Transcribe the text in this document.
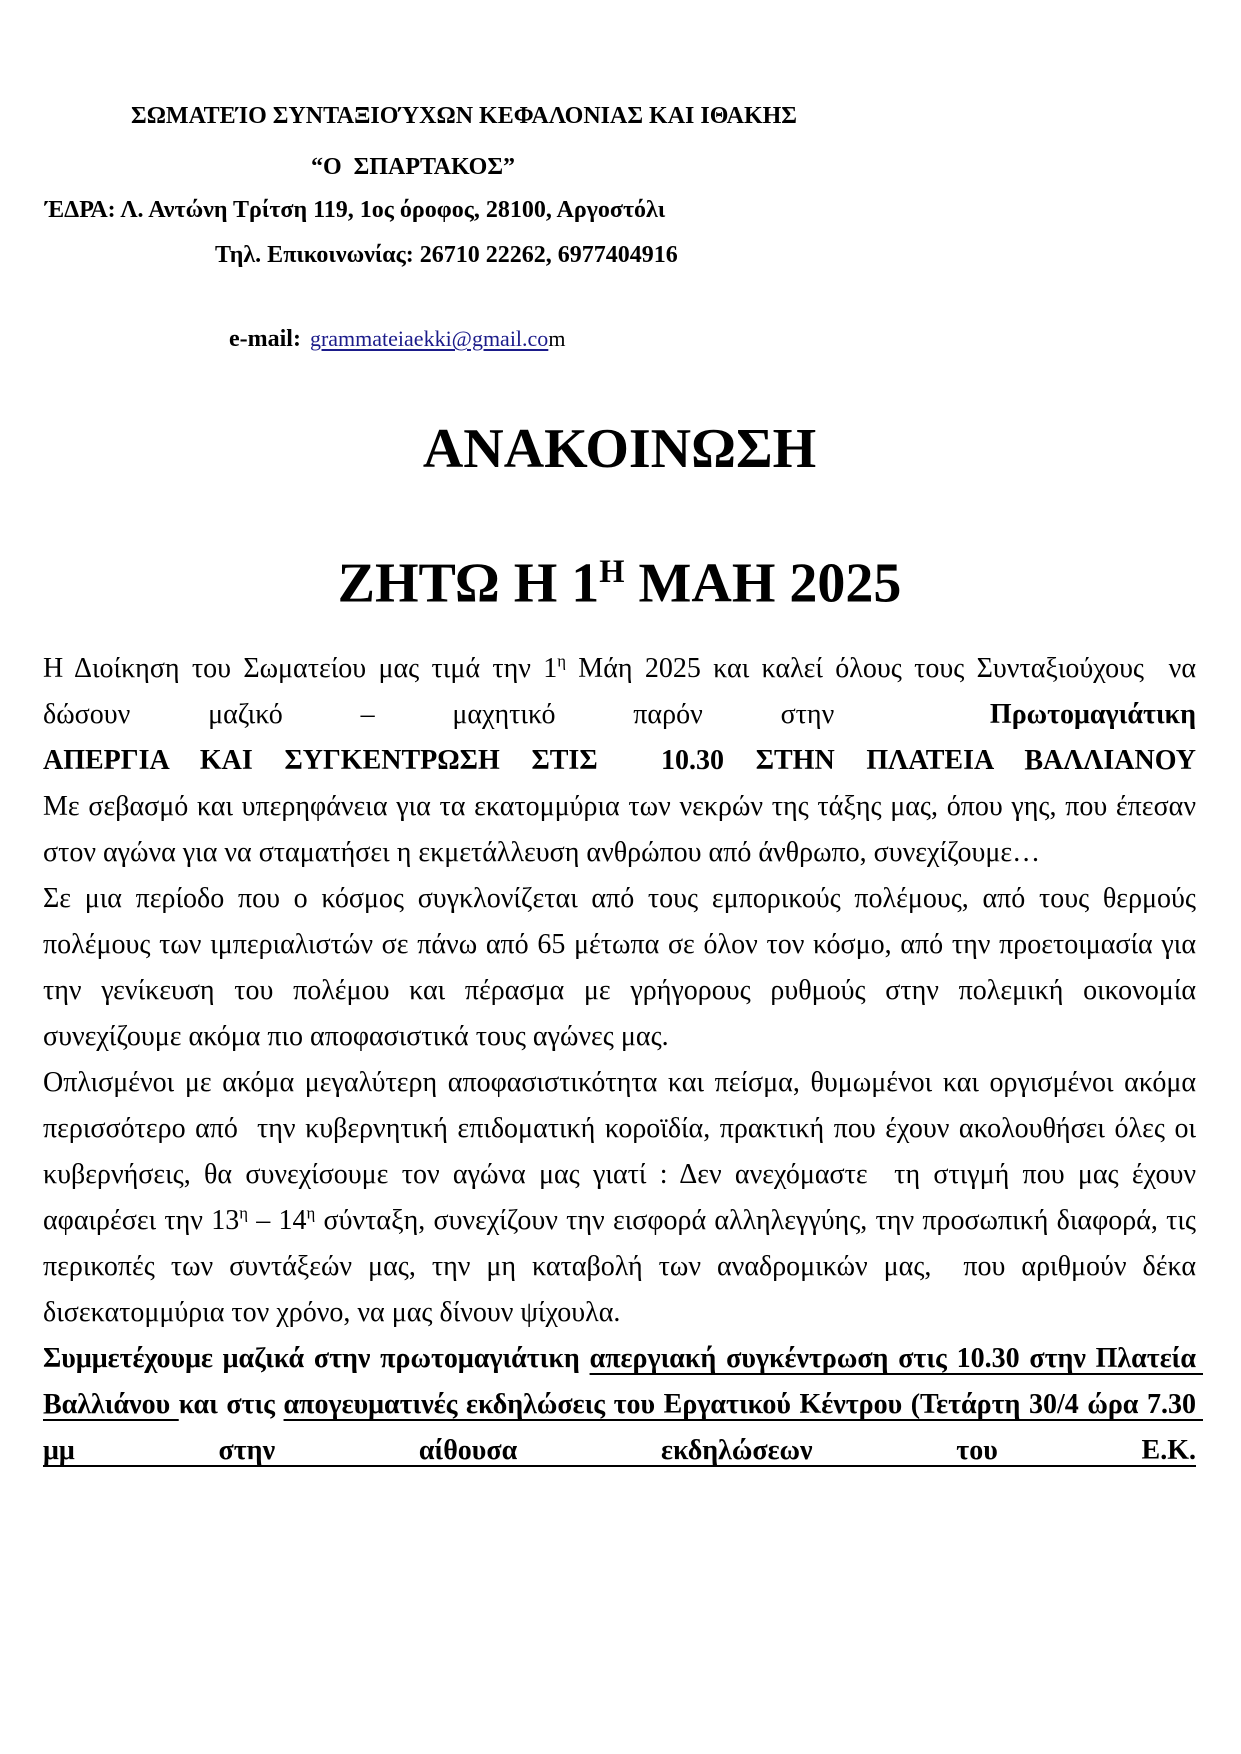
ΣΩΜΑΤΕΊΟ ΣΥΝΤΑΞΙΟΎΧΩΝ ΚΕΦΑΛΟΝΙΑΣ ΚΑΙ ΙΘΑΚΗΣ
“Ο  ΣΠΑΡΤΑΚΟΣ”
ΈΔΡΑ: Λ. Αντώνη Τρίτση 119, 1ος όροφος, 28100, Αργοστόλι
Τηλ. Επικοινωνίας: 26710 22262, 6977404916

e-mail: grammateiaekki@gmail.com

ΑΝΑΚΟΙΝΩΣΗ
ΖΗΤΩ Η $1^H$ ΜΑΗ 2025

Η Διοίκηση του Σωματείου μας τιμά την $1^\eta$ Μάη 2025 και καλεί όλους τους Συνταξιούχους  να δώσουν μαζικό – μαχητικό παρόν στην  Πρωτομαγιάτικη

ΑΠΕΡΓΙΑ ΚΑΙ ΣΥΓΚΕΝΤΡΩΣΗ ΣΤΙΣ  10.30 ΣΤΗΝ ΠΛΑΤΕΙΑ ΒΑΛΛΙΑΝΟΥ

Με σεβασμό και υπερηφάνεια για τα εκατομμύρια των νεκρών της τάξης μας, όπου γης, που έπεσαν στον αγώνα για να σταματήσει η εκμετάλλευση ανθρώπου από άνθρωπο, συνεχίζουμε…

Σε μια περίοδο που ο κόσμος συγκλονίζεται από τους εμπορικούς πολέμους, από τους θερμούς πολέμους των ιμπεριαλιστών σε πάνω από 65 μέτωπα σε όλον τον κόσμο, από την προετοιμασία για την γενίκευση του πολέμου και πέρασμα με γρήγορους ρυθμούς στην πολεμική οικονομία συνεχίζουμε ακόμα πιο αποφασιστικά τους αγώνες μας.

Οπλισμένοι με ακόμα μεγαλύτερη αποφασιστικότητα και πείσμα, θυμωμένοι και οργισμένοι ακόμα περισσότερο από  την κυβερνητική επιδοματική κοροϊδία, πρακτική που έχουν ακολουθήσει όλες οι κυβερνήσεις, θα συνεχίσουμε τον αγώνα μας γιατί : Δεν ανεχόμαστε  τη στιγμή που μας έχουν αφαιρέσει την $13^\eta - 14^\eta$ σύνταξη, συνεχίζουν την εισφορά αλληλεγγύης, την προσωπική διαφορά, τις περικοπές των συντάξεών μας, την μη καταβολή των αναδρομικών μας,  που αριθμούν δέκα δισεκατομμύρια τον χρόνο, να μας δίνουν ψίχουλα.

Συμμετέχουμε μαζικά στην πρωτομαγιάτικη απεργιακή συγκέντρωση στις 10.30 στην Πλατεία Βαλλιάνου και στις απογευματινές εκδηλώσεις του Εργατικού Κέντρου (Τετάρτη 30/4 ώρα 7.30 μμ στην αίθουσα εκδηλώσεων του Ε.Κ.
